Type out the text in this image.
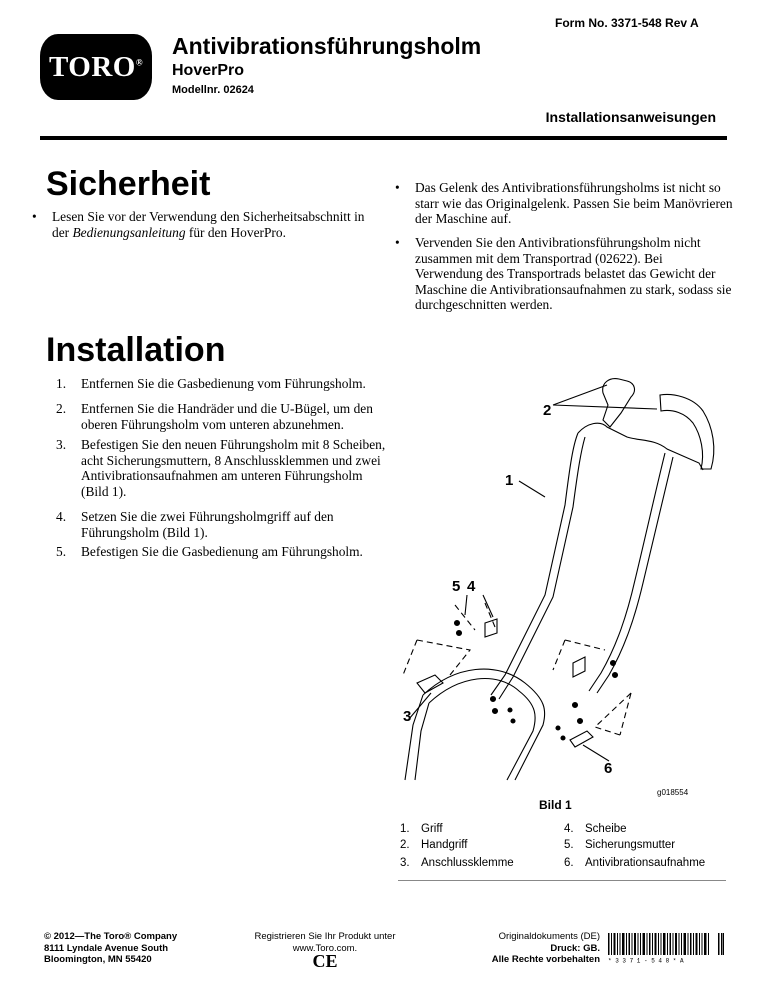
TORO®
Antivibrationsführungsholm
HoverPro
Modellnr. 02624
Form No. 3371-548 Rev A
Installationsanweisungen
Sicherheit
• Lesen Sie vor der Verwendung den Sicherheitsabschnitt in der Bedienungsanleitung für den HoverPro.
• Das Gelenk des Antivibrationsführungsholms ist nicht so starr wie das Originalgelenk. Passen Sie beim Manövrieren der Maschine auf.
• Vervenden Sie den Antivibrationsführungsholm nicht zusammen mit dem Transportrad (02622). Bei Verwendung des Transportrads belastet das Gewicht der Maschine die Antivibrationsaufnahmen zu stark, sodass sie durchgeschnitten werden.
Installation
1. Entfernen Sie die Gasbedienung vom Führungsholm.
2. Entfernen Sie die Handräder und die U-Bügel, um den oberen Führungsholm vom unteren abzunehmen.
3. Befestigen Sie den neuen Führungsholm mit 8 Scheiben, acht Sicherungsmuttern, 8 Anschlussklemmen und zwei Antivibrationsaufnahmen am unteren Führungsholm (Bild 1).
4. Setzen Sie die zwei Führungsholmgriff auf den Führungsholm (Bild 1).
5. Befestigen Sie die Gasbedienung am Führungsholm.
2
1
5 4
3
6
g018554
Bild 1
1. Griff
2. Handgriff
3. Anschlussklemme
4. Scheibe
5. Sicherungsmutter
6. Antivibrationsaufnahme
© 2012—The Toro® Company
8111 Lyndale Avenue South
Bloomington, MN 55420
Registrieren Sie Ihr Produkt unter
www.Toro.com.
CE
Originaldokuments (DE)
Druck: GB.
Alle Rechte vorbehalten * 3 3 7 1 - 5 4 8 * A
